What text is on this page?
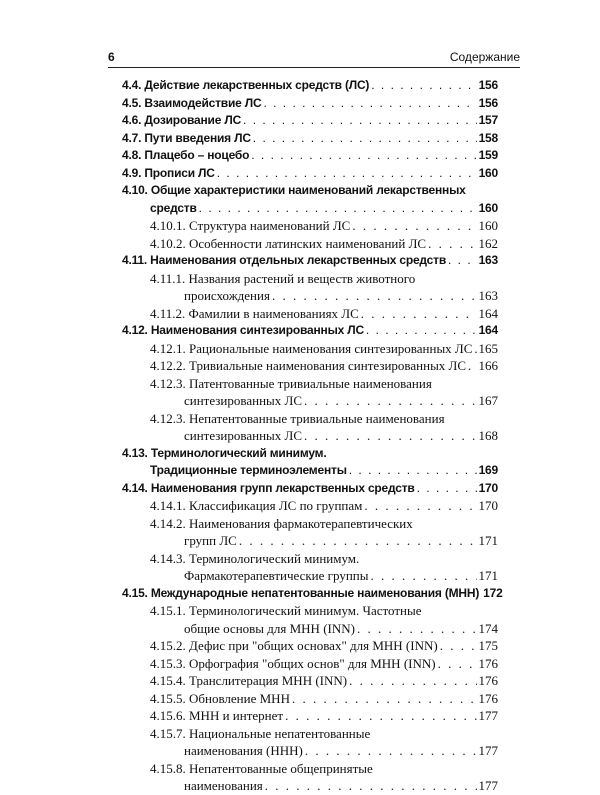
6	Содержание
4.4. Действие лекарственных средств (ЛС) . . .	156
4.5. Взаимодействие ЛС . . .	156
4.6. Дозирование ЛС . . .	157
4.7. Пути введения ЛС . . .	158
4.8. Плацебо – ноцебо . . .	159
4.9. Прописи ЛС . . .	160
4.10. Общие характеристики наименований лекарственных
средств . . .	160
4.10.1. Структура наименований ЛС . . .	160
4.10.2. Особенности латинских наименований ЛС . . .	162
4.11. Наименования отдельных лекарственных средств . . .	163
4.11.1. Названия растений и веществ животного
происхождения . . .	163
4.11.2. Фамилии в наименованиях ЛС . . .	164
4.12. Наименования синтезированных ЛС . . .	164
4.12.1. Рациональные наименования синтезированных ЛС . . . 165
4.12.2. Тривиальные наименования синтезированных ЛС . . . 166
4.12.3. Патентованные тривиальные наименования
синтезированных ЛС . . .	167
4.12.3. Непатентованные тривиальные наименования
синтезированных ЛС . . .	168
4.13. Терминологический минимум.
Традиционные терминоэлементы . . .	169
4.14. Наименования групп лекарственных средств . . .	170
4.14.1. Классификация ЛС по группам . . .	170
4.14.2. Наименования фармакотерапевтических
групп ЛС . . .	171
4.14.3. Терминологический минимум.
Фармакотерапевтические группы . . .	171
4.15. Международные непатентованные наименования (МНН) 172
4.15.1. Терминологический минимум. Частотные
общие основы для МНН (INN) . . .	174
4.15.2. Дефис при "общих основах" для МНН (INN) . . .	175
4.15.3. Орфография "общих основ" для МНН (INN) . . .	176
4.15.4. Транслитерация МНН (INN) . . .	176
4.15.5. Обновление МНН . . .	176
4.15.6. МНН и интернет . . .	177
4.15.7. Национальные непатентованные
наименования (ННН) . . .	177
4.15.8. Непатентованные общепринятые
наименования . . .	177
